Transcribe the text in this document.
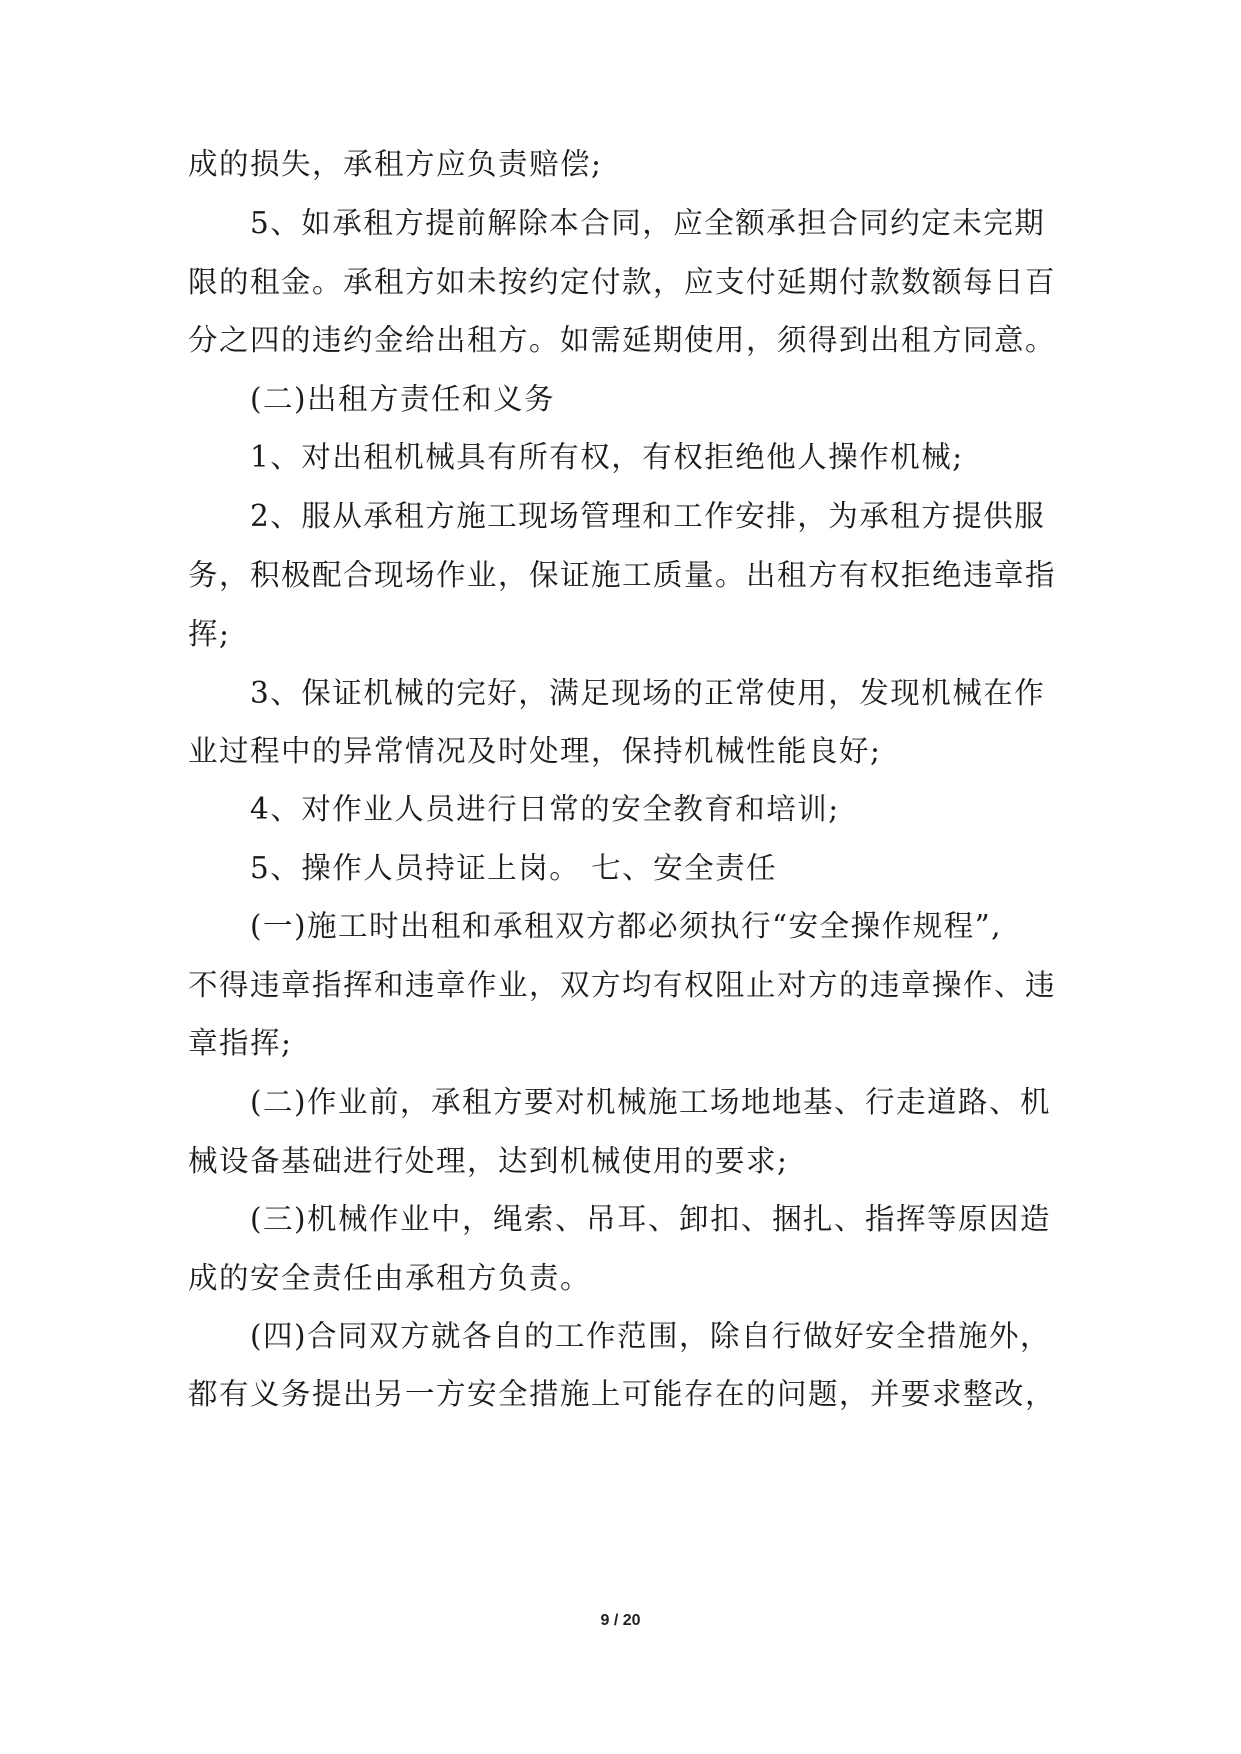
成的损失，承租方应负责赔偿;
5、如承租方提前解除本合同，应全额承担合同约定未完期
限的租金。承租方如未按约定付款，应支付延期付款数额每日百
分之四的违约金给出租方。如需延期使用，须得到出租方同意。
(二)出租方责任和义务
1、对出租机械具有所有权，有权拒绝他人操作机械;
2、服从承租方施工现场管理和工作安排，为承租方提供服
务，积极配合现场作业，保证施工质量。出租方有权拒绝违章指
挥;
3、保证机械的完好，满足现场的正常使用，发现机械在作
业过程中的异常情况及时处理，保持机械性能良好;
4、对作业人员进行日常的安全教育和培训;
5、操作人员持证上岗。 七、安全责任
(一)施工时出租和承租双方都必须执行“安全操作规程”,
不得违章指挥和违章作业，双方均有权阻止对方的违章操作、违
章指挥;
(二)作业前，承租方要对机械施工场地地基、行走道路、机
械设备基础进行处理，达到机械使用的要求;
(三)机械作业中，绳索、吊耳、卸扣、捆扎、指挥等原因造
成的安全责任由承租方负责。
(四)合同双方就各自的工作范围，除自行做好安全措施外，
都有义务提出另一方安全措施上可能存在的问题，并要求整改，
9 / 20
